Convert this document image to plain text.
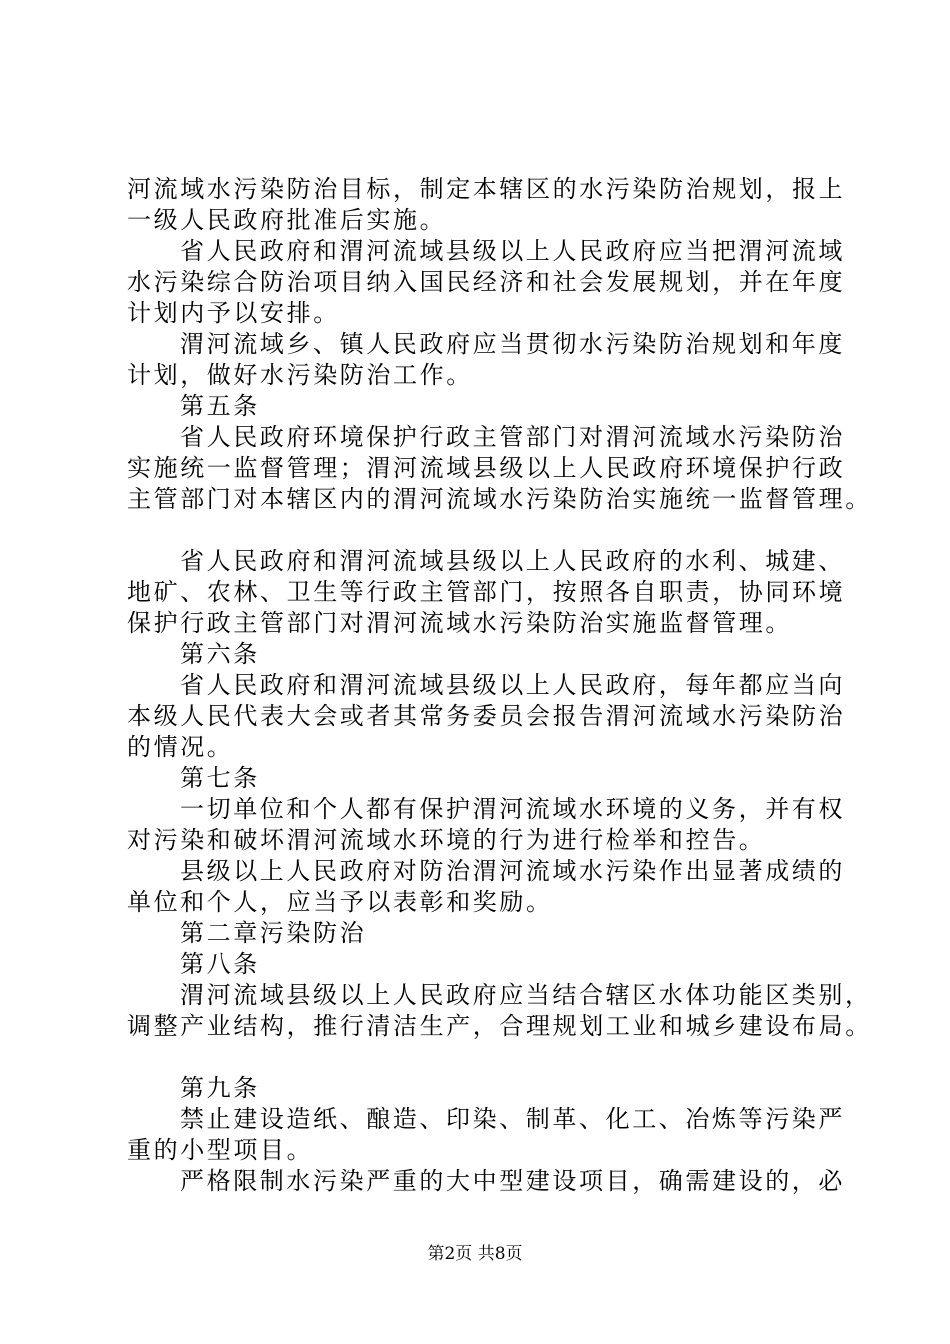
河流域水污染防治目标，制定本辖区的水污染防治规划，报上
一级人民政府批准后实施。
省人民政府和渭河流域县级以上人民政府应当把渭河流域
水污染综合防治项目纳入国民经济和社会发展规划，并在年度
计划内予以安排。
渭河流域乡、镇人民政府应当贯彻水污染防治规划和年度
计划，做好水污染防治工作。
第五条
省人民政府环境保护行政主管部门对渭河流域水污染防治
实施统一监督管理；渭河流域县级以上人民政府环境保护行政
主管部门对本辖区内的渭河流域水污染防治实施统一监督管理。
省人民政府和渭河流域县级以上人民政府的水利、城建、
地矿、农林、卫生等行政主管部门，按照各自职责，协同环境
保护行政主管部门对渭河流域水污染防治实施监督管理。
第六条
省人民政府和渭河流域县级以上人民政府，每年都应当向
本级人民代表大会或者其常务委员会报告渭河流域水污染防治
的情况。
第七条
一切单位和个人都有保护渭河流域水环境的义务，并有权
对污染和破坏渭河流域水环境的行为进行检举和控告。
县级以上人民政府对防治渭河流域水污染作出显著成绩的
单位和个人，应当予以表彰和奖励。
第二章污染防治
第八条
渭河流域县级以上人民政府应当结合辖区水体功能区类别，
调整产业结构，推行清洁生产，合理规划工业和城乡建设布局。
第九条
禁止建设造纸、酿造、印染、制革、化工、冶炼等污染严
重的小型项目。
严格限制水污染严重的大中型建设项目，确需建设的，必
第2页 共8页
